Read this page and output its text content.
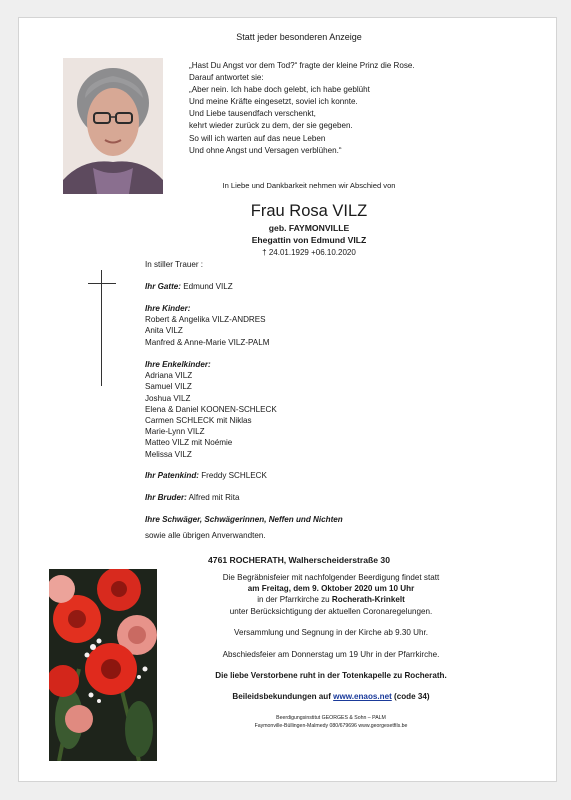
Statt jeder besonderen Anzeige
„Hast Du Angst vor dem Tod?“ fragte der kleine Prinz die Rose.
Darauf antwortet sie:
„Aber nein. Ich habe doch gelebt, ich habe geblüht
Und meine Kräfte eingesetzt, soviel ich konnte.
Und Liebe tausendfach verschenkt,
kehrt wieder zurück zu dem, der sie gegeben.
So will ich warten auf das neue Leben
Und ohne Angst und Versagen verblühen.“
In Liebe und Dankbarkeit nehmen wir Abschied von
Frau Rosa VILZ
geb. FAYMONVILLE
Ehegattin von Edmund VILZ
† 24.01.1929 +06.10.2020
In stiller Trauer :
Ihr Gatte: Edmund VILZ
Ihre Kinder:
Robert & Angelika VILZ-ANDRES
Anita VILZ
Manfred & Anne-Marie VILZ-PALM
Ihre Enkelkinder:
Adriana VILZ
Samuel VILZ
Joshua VILZ
Elena & Daniel KOONEN-SCHLECK
Carmen SCHLECK mit Niklas
Marie-Lynn VILZ
Matteo VILZ mit Noémie
Melissa VILZ
Ihr Patenkind: Freddy SCHLECK
Ihr Bruder: Alfred mit Rita
Ihre Schwäger, Schwägerinnen, Neffen und Nichten
sowie alle übrigen Anverwandten.
4761 ROCHERATH, Walherscheiderstraße 30
Die Begräbnisfeier mit nachfolgender Beerdigung findet statt
am Freitag, dem 9. Oktober 2020 um 10 Uhr
in der Pfarrkirche zu Rocherath-Krinkelt
unter Berücksichtigung der aktuellen Coronaregelungen.
Versammlung und Segnung in der Kirche ab 9.30 Uhr.
Abschiedsfeier am Donnerstag um 19 Uhr in der Pfarrkirche.
Die liebe Verstorbene ruht in der Totenkapelle zu Rocherath.
Beileidsbekundungen auf www.enaos.net (code 34)
Beerdigungsinstitut GEORGES & Sohn – PALM
Faymonville-Büllingen-Malmedy 080/679696 www.georgesetfils.be
